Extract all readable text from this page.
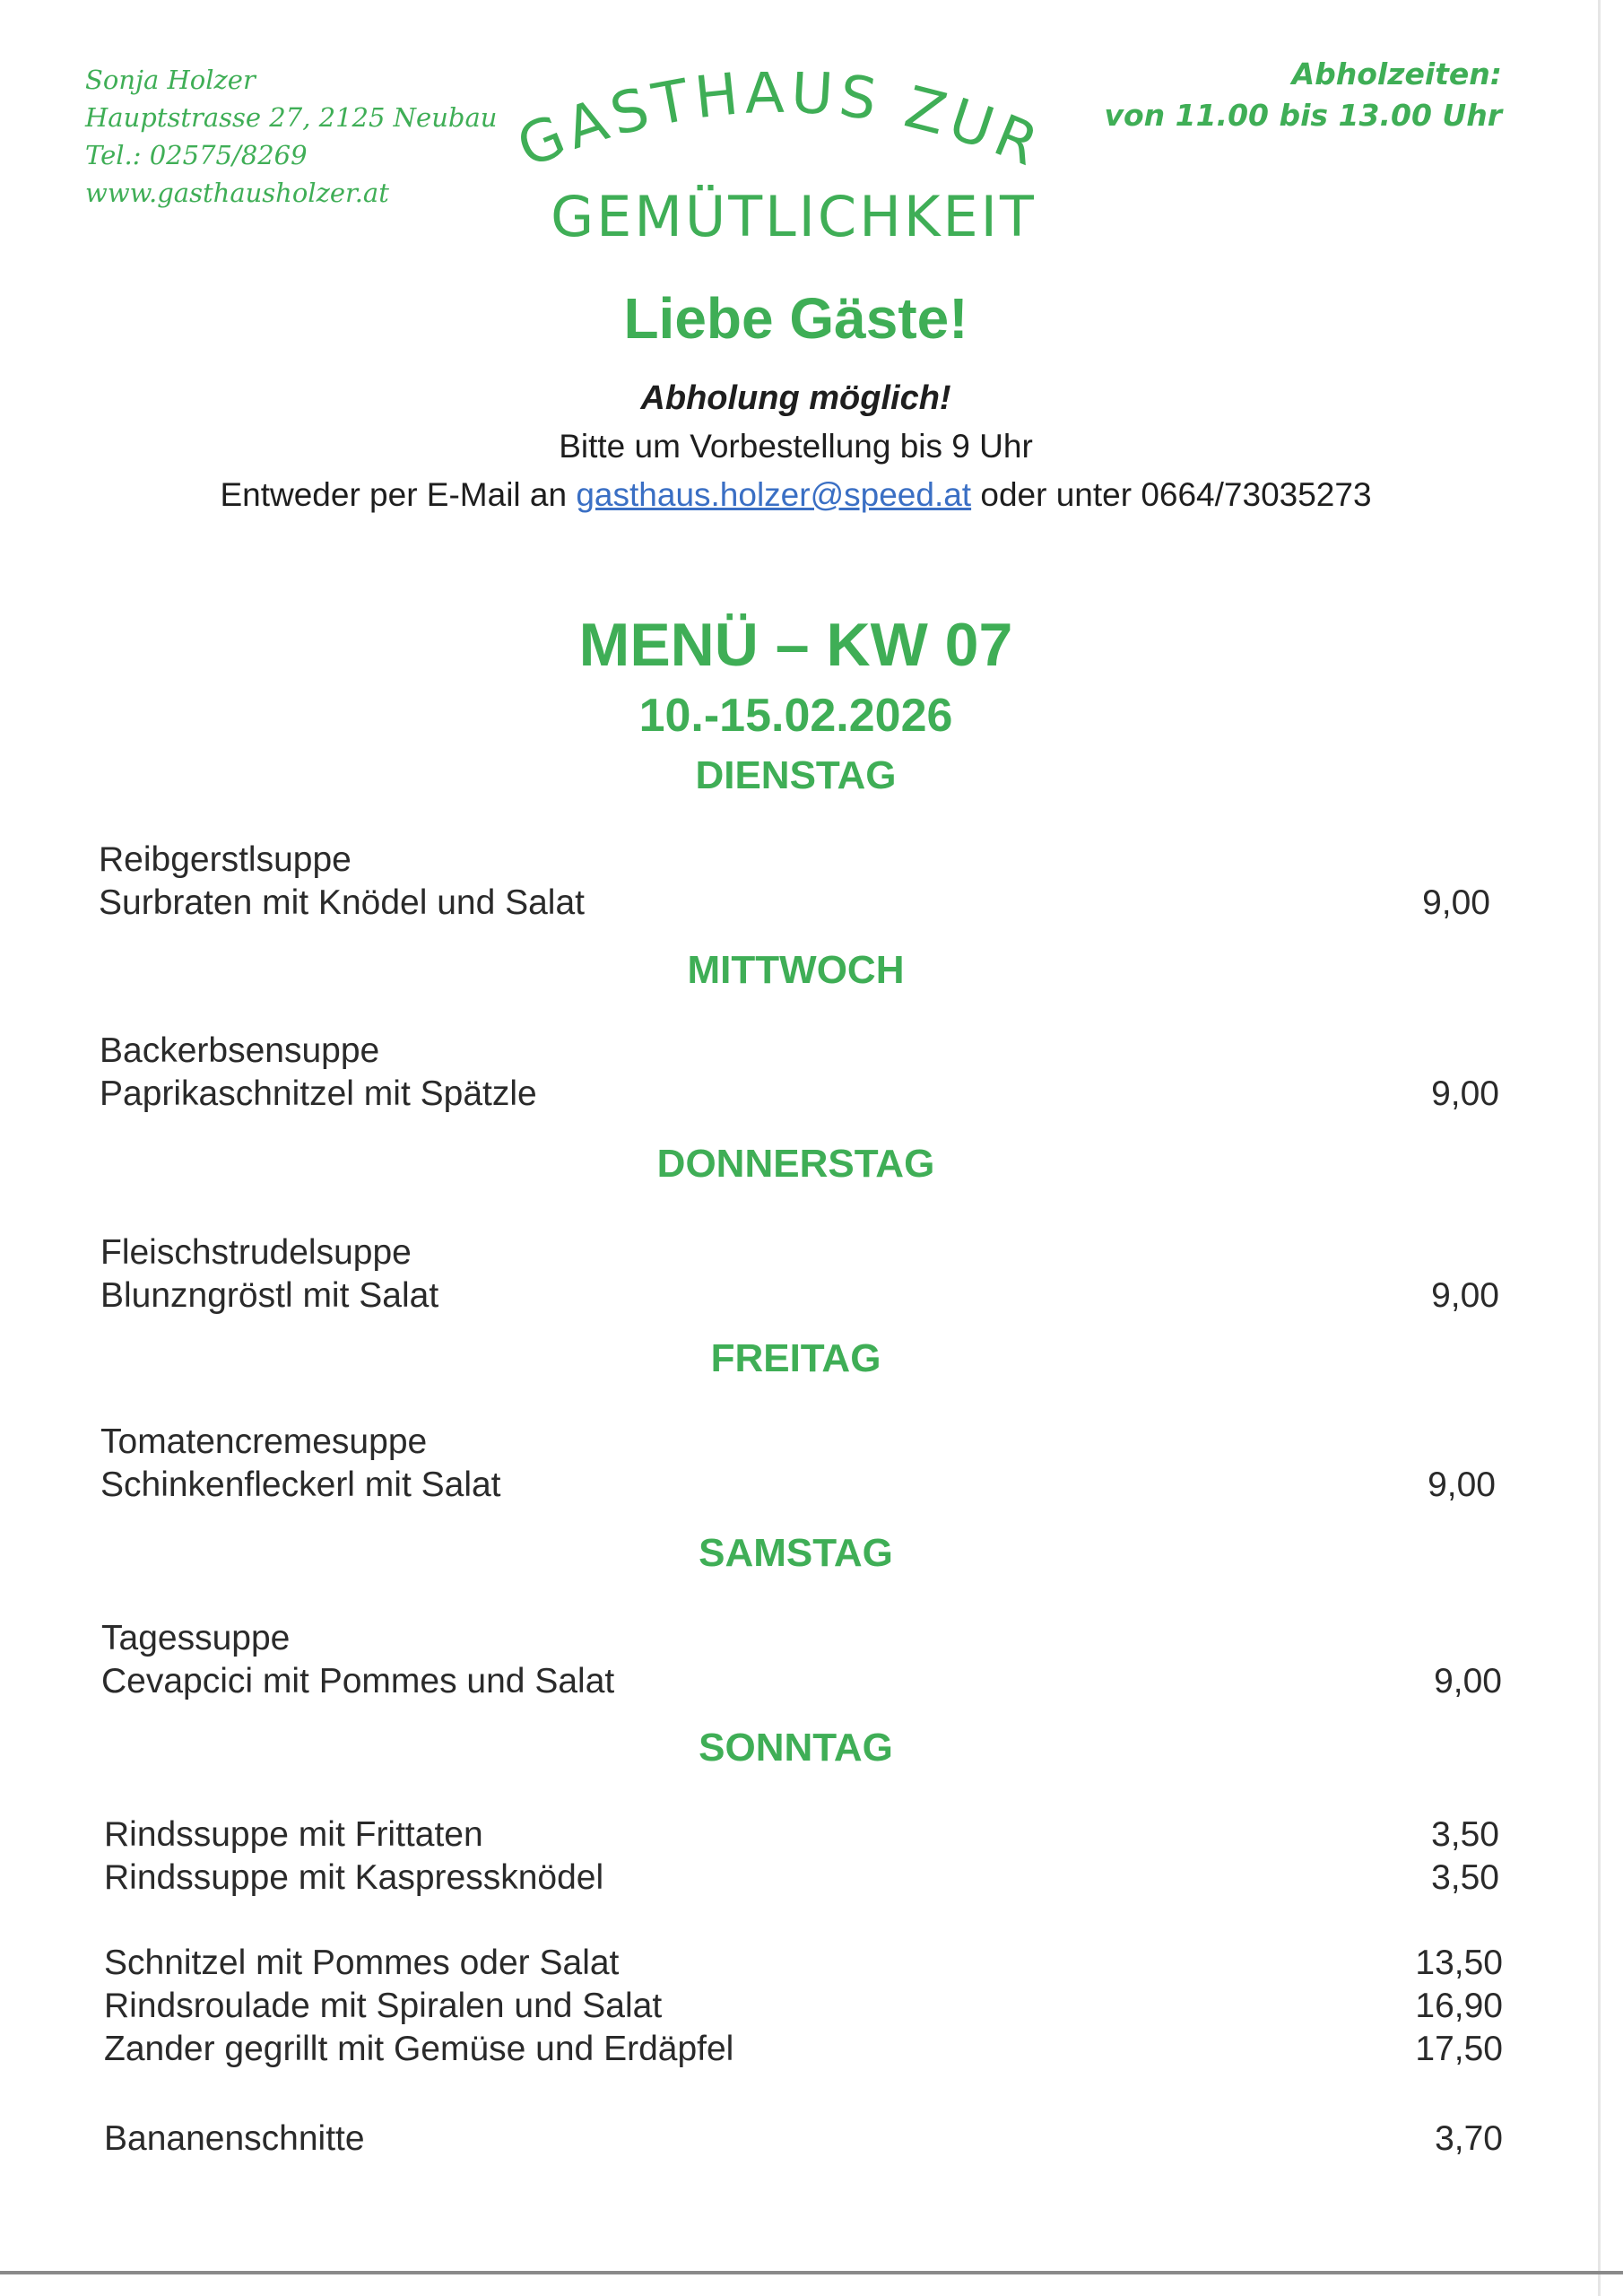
Sonja Holzer
Hauptstrasse 27, 2125 Neubau
Tel.: 02575/8269
www.gasthausholzer.at
ASTHAUS ZUR
GEMÜTLICHKEIT
Abholzeiten:
von 11.00 bis 13.00 Uhr
Liebe Gäste!
Abholung möglich!
Bitte um Vorbestellung bis 9 Uhr
Entweder per E-Mail an gasthaus.holzer@speed.at oder unter 0664/73035273
MENÜ – KW 07
10.-15.02.2026
DIENSTAG
Reibgerstlsuppe
Surbraten mit Knödel und Salat	9,00
MITTWOCH
Backerbsensuppe
Paprikaschnitzel mit Spätzle	9,00
DONNERSTAG
Fleischstrudelsuppe
Blunzngröstl mit Salat	9,00
FREITAG
Tomatencremesuppe
Schinkenfleckerl mit Salat	9,00
SAMSTAG
Tagessuppe
Cevapcici mit Pommes und Salat	9,00
SONNTAG
Rindssuppe mit Frittaten	3,50
Rindssuppe mit Kaspressknödel	3,50
Schnitzel mit Pommes oder Salat	13,50
Rindsroulade mit Spiralen und Salat	16,90
Zander gegrillt mit Gemüse und Erdäpfel	17,50
Bananenschnitte	3,70
